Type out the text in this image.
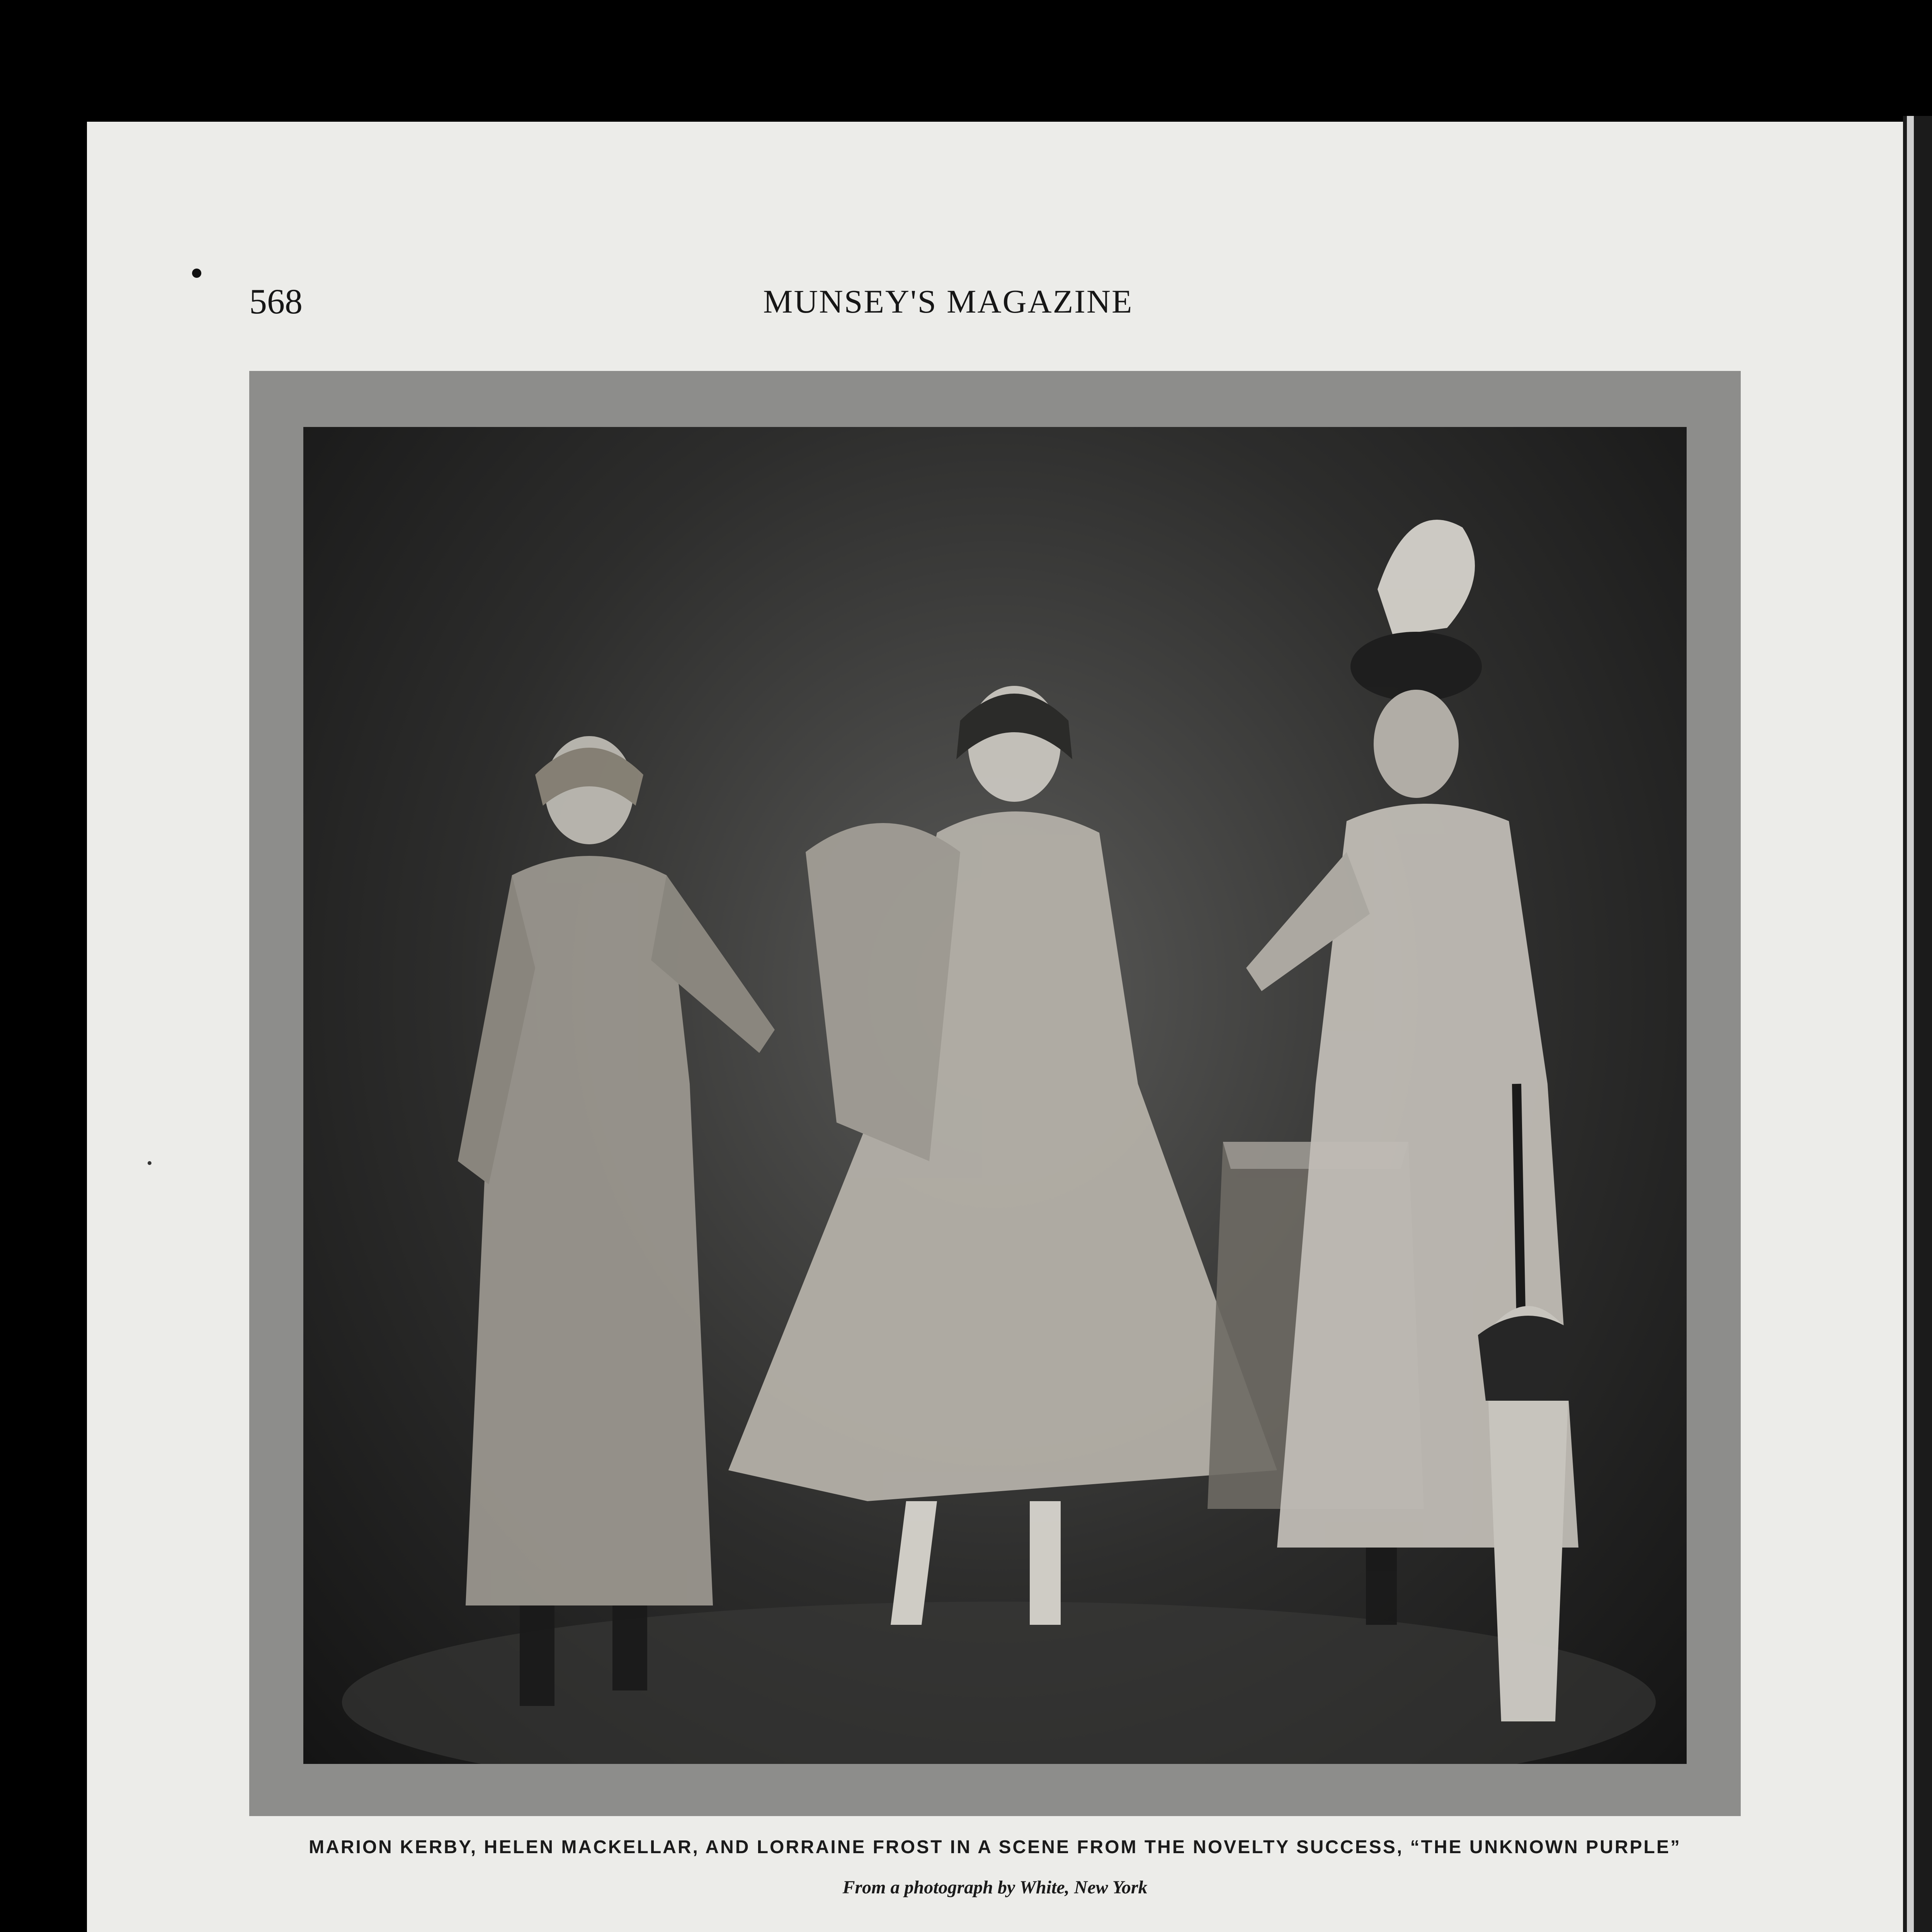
568	MUNSEY'S MAGAZINE

MARION KERBY, HELEN MACKELLAR, AND LORRAINE FROST IN A SCENE FROM THE NOVELTY SUCCESS, “THE UNKNOWN PURPLE”

From a photograph by White, New York
